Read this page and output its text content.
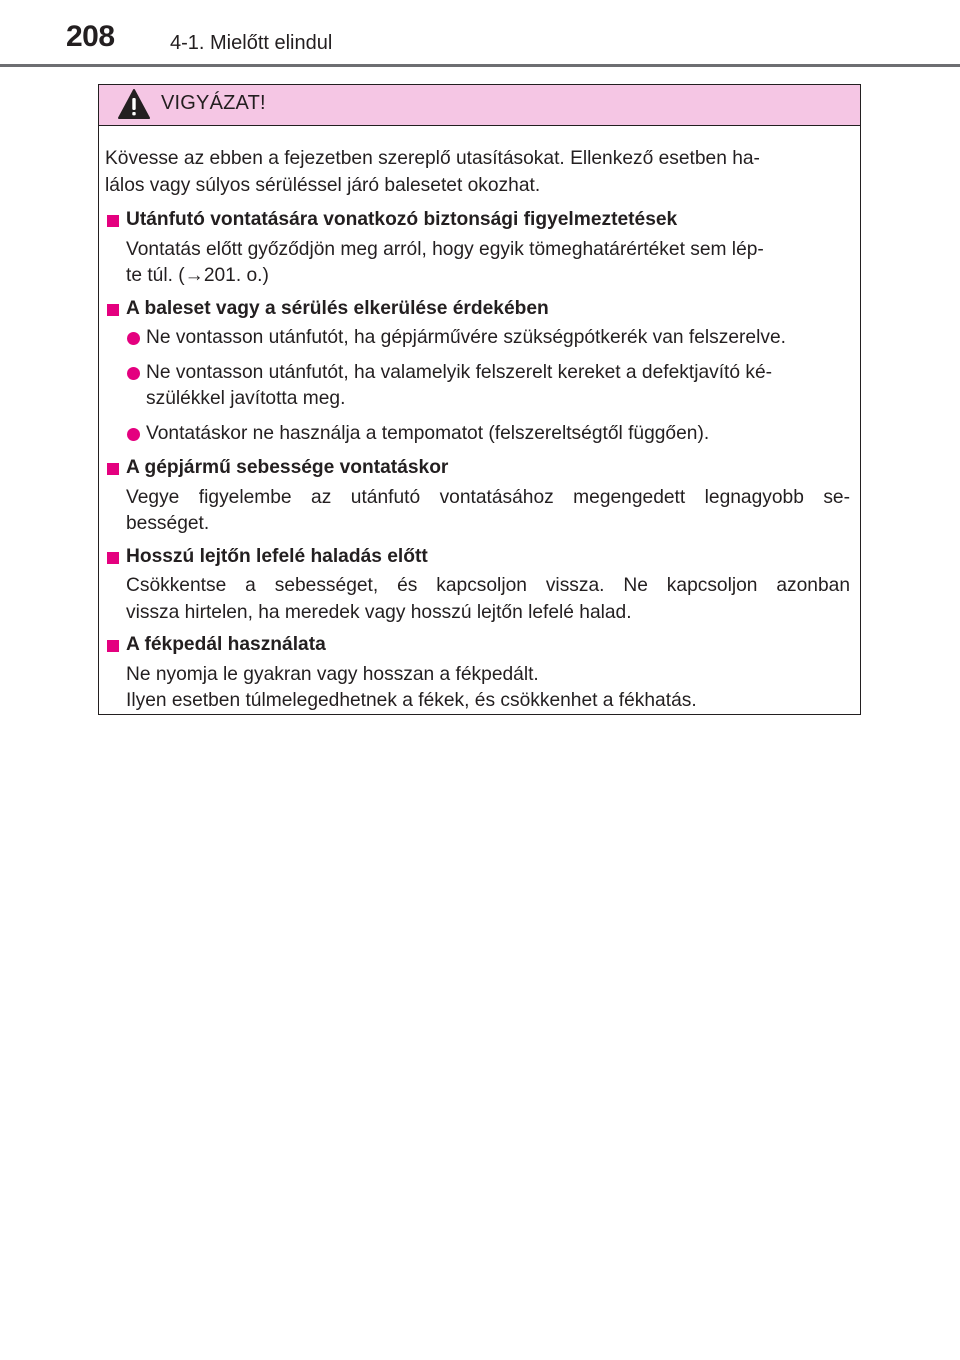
208	4-1. Mielőtt elindul
VIGYÁZAT!
Kövesse az ebben a fejezetben szereplő utasításokat. Ellenkező esetben ha-
lálos vagy súlyos sérüléssel járó balesetet okozhat.
Utánfutó vontatására vonatkozó biztonsági figyelmeztetések
Vontatás előtt győződjön meg arról, hogy egyik tömeghatárértéket sem lép-
te túl. (→201. o.)
A baleset vagy a sérülés elkerülése érdekében
Ne vontasson utánfutót, ha gépjárművére szükségpótkerék van felszerelve.
Ne vontasson utánfutót, ha valamelyik felszerelt kereket a defektjavító ké-
szülékkel javította meg.
Vontatáskor ne használja a tempomatot (felszereltségtől függően).
A gépjármű sebessége vontatáskor
Vegye figyelembe az utánfutó vontatásához megengedett legnagyobb se-
bességet.
Hosszú lejtőn lefelé haladás előtt
Csökkentse a sebességet, és kapcsoljon vissza. Ne kapcsoljon azonban
vissza hirtelen, ha meredek vagy hosszú lejtőn lefelé halad.
A fékpedál használata
Ne nyomja le gyakran vagy hosszan a fékpedált.
Ilyen esetben túlmelegedhetnek a fékek, és csökkenhet a fékhatás.
